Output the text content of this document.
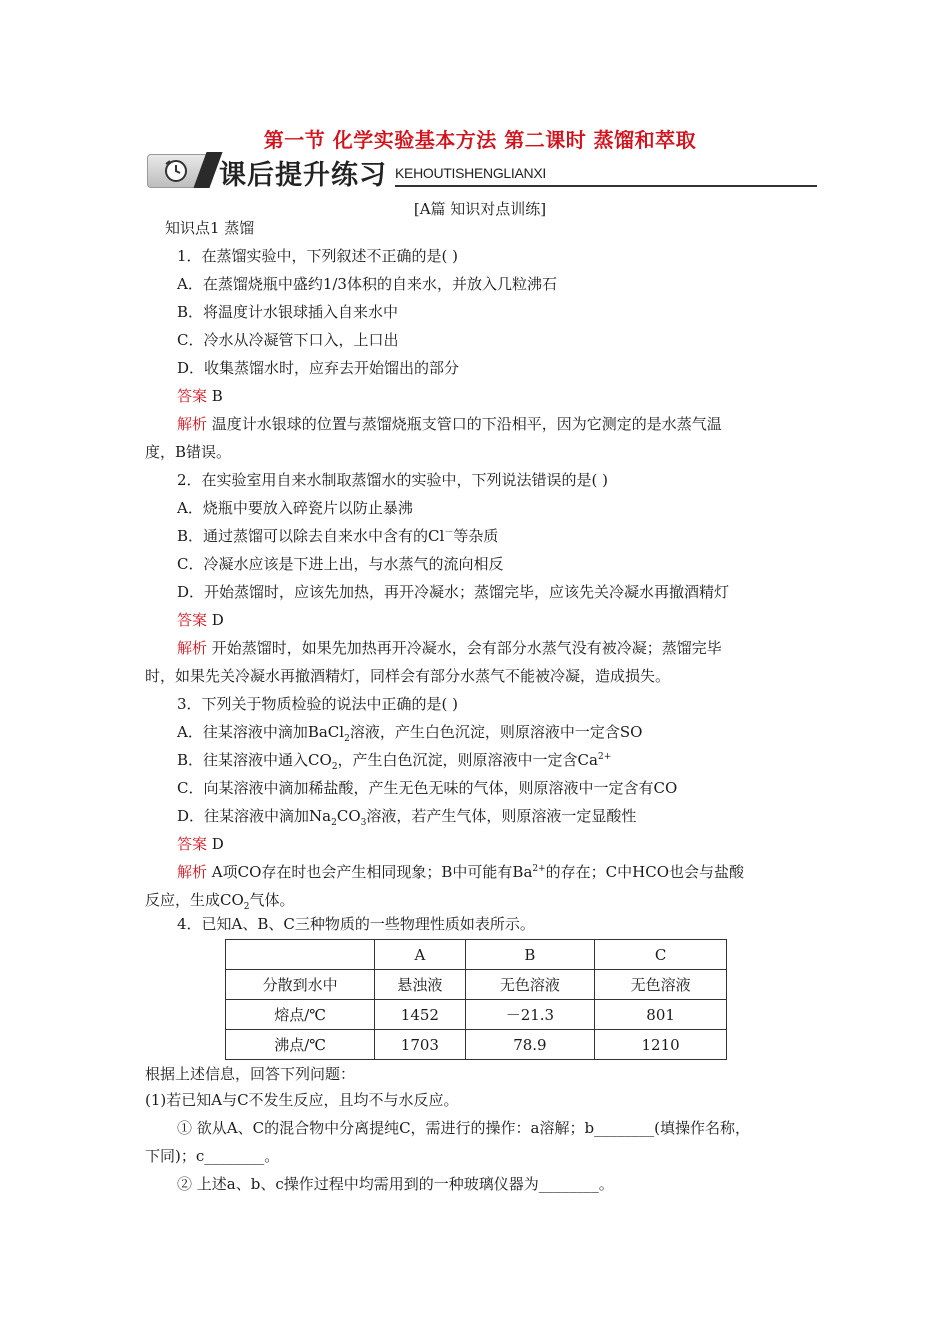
第一节 化学实验基本方法 第二课时 蒸馏和萃取
课后提升练习 KEHOUTISHENGLIANXI
[A篇 知识对点训练]
知识点1 蒸馏
1．在蒸馏实验中，下列叙述不正确的是( )
A．在蒸馏烧瓶中盛约1/3体积的自来水，并放入几粒沸石
B．将温度计水银球插入自来水中
C．冷水从冷凝管下口入，上口出
D．收集蒸馏水时，应弃去开始馏出的部分
答案 B
解析 温度计水银球的位置与蒸馏烧瓶支管口的下沿相平，因为它测定的是水蒸气温
度，B错误。
2．在实验室用自来水制取蒸馏水的实验中，下列说法错误的是( )
A．烧瓶中要放入碎瓷片以防止暴沸
B．通过蒸馏可以除去自来水中含有的Cl－等杂质
C．冷凝水应该是下进上出，与水蒸气的流向相反
D．开始蒸馏时，应该先加热，再开冷凝水；蒸馏完毕，应该先关冷凝水再撤酒精灯
答案 D
解析 开始蒸馏时，如果先加热再开冷凝水，会有部分水蒸气没有被冷凝；蒸馏完毕
时，如果先关冷凝水再撤酒精灯，同样会有部分水蒸气不能被冷凝，造成损失。
3．下列关于物质检验的说法中正确的是( )
A．往某溶液中滴加BaCl$_2$溶液，产生白色沉淀，则原溶液中一定含SO
B．往某溶液中通入$CO_2$，产生白色沉淀，则原溶液中一定含$Ca^{2+}$
C．向某溶液中滴加稀盐酸，产生无色无味的气体，则原溶液中一定含有CO
D．往某溶液中滴加$Na_2CO_3$溶液，若产生气体，则原溶液一定显酸性
答案 D
解析 A项CO存在时也会产生相同现象；B中可能有$Ba^{2+}$的存在；C中HCO也会与盐酸
反应，生成$CO_2$气体。
4．已知A、B、C三种物质的一些物理性质如表所示。
	A	B	C
分散到水中	悬浊液	无色溶液	无色溶液
熔点/℃	1452	－21.3	801
沸点/℃	1703	78.9	1210
根据上述信息，回答下列问题：
(1)若已知A与C不发生反应，且均不与水反应。
① 欲从A、C的混合物中分离提纯C，需进行的操作：a溶解；b________(填操作名称，
下同)；c________。
② 上述a、b、c操作过程中均需用到的一种玻璃仪器为________。
